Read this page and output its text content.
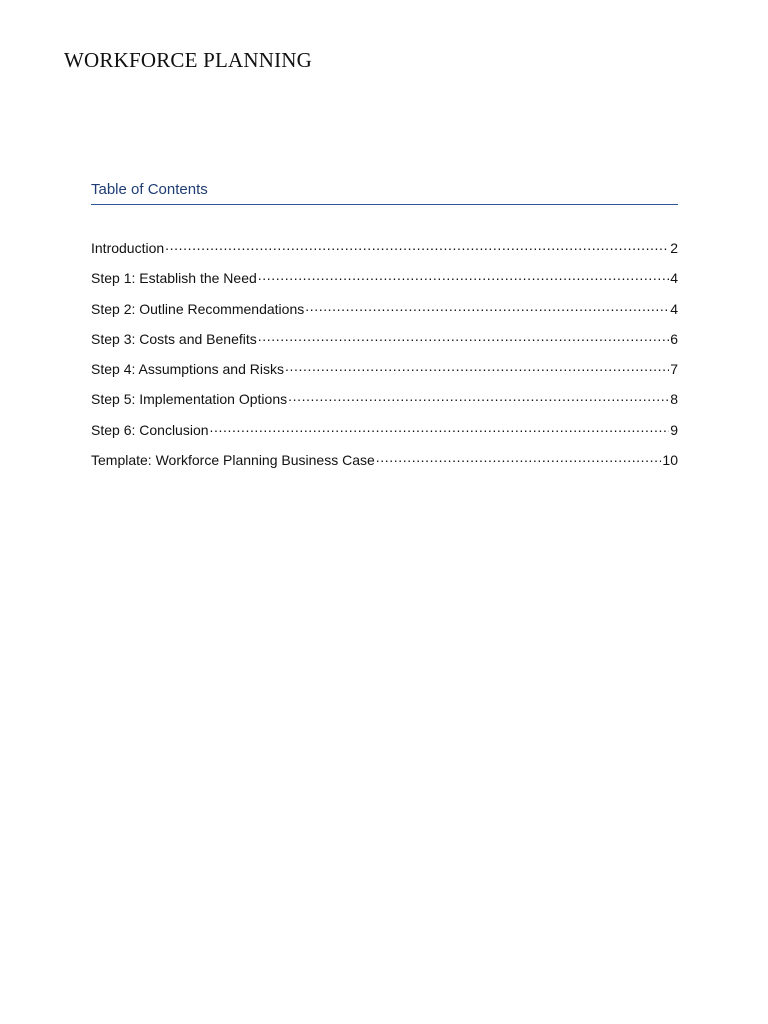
WORKFORCE PLANNING
Table of Contents
Introduction .....	2
Step 1: Establish the Need .....	4
Step 2: Outline Recommendations .....	4
Step 3: Costs and Benefits .....	6
Step 4: Assumptions and Risks .....	7
Step 5: Implementation Options .....	8
Step 6: Conclusion .....	9
Template: Workforce Planning Business Case .....	10
